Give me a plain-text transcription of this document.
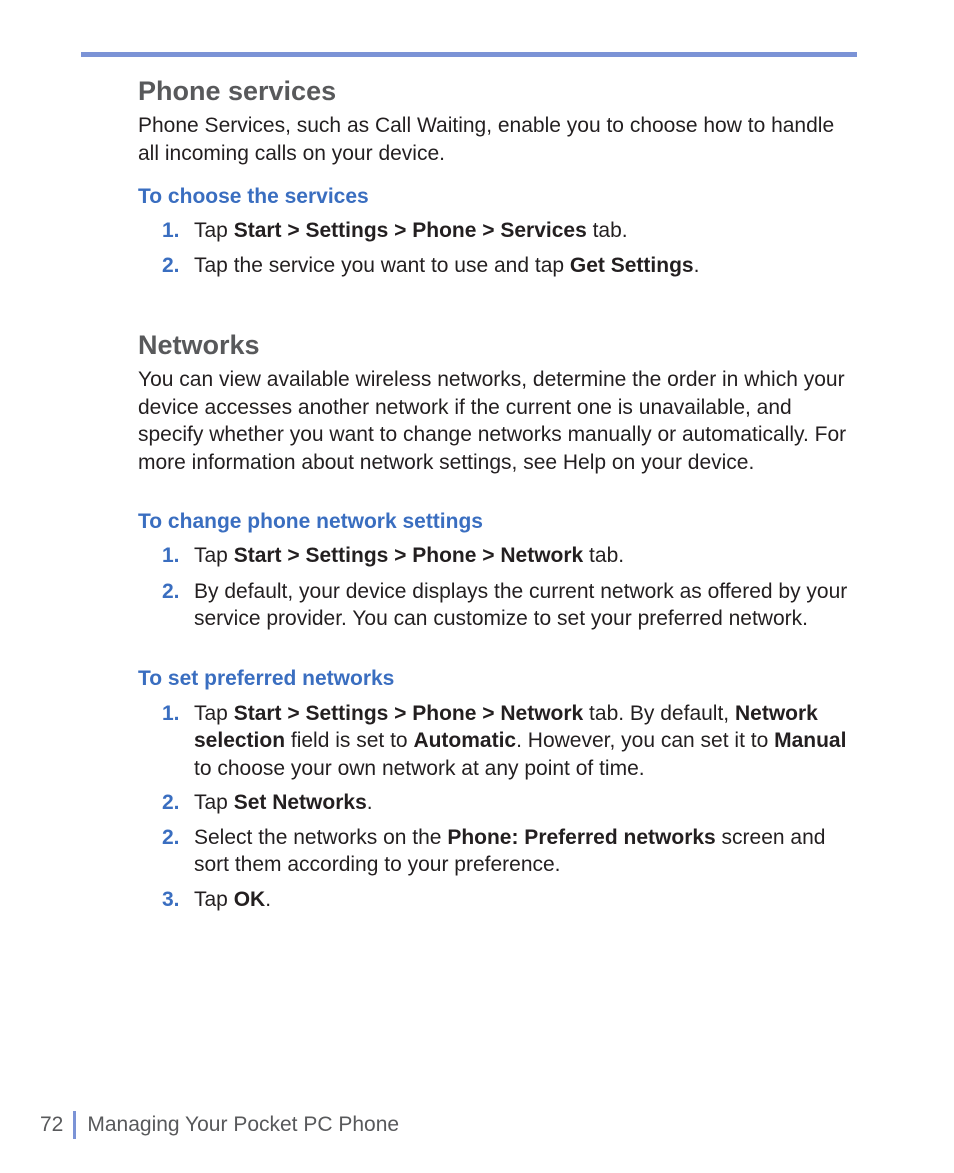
Phone services

Phone Services, such as Call Waiting, enable you to choose how to handle all incoming calls on your device.

To choose the services
1. Tap Start > Settings > Phone > Services tab.
2. Tap the service you want to use and tap Get Settings.
Networks

You can view available wireless networks, determine the order in which your device accesses another network if the current one is unavailable, and specify whether you want to change networks manually or automatically. For more information about network settings, see Help on your device.

To change phone network settings
1. Tap Start > Settings > Phone > Network tab.
2. By default, your device displays the current network as offered by your service provider. You can customize to set your preferred network.
To set preferred networks
1. Tap Start > Settings > Phone > Network tab. By default, Network selection field is set to Automatic. However, you can set it to Manual to choose your own network at any point of time.
2. Tap Set Networks.
2. Select the networks on the Phone: Preferred networks screen and sort them according to your preference.
3. Tap OK.
72 Managing Your Pocket PC Phone
